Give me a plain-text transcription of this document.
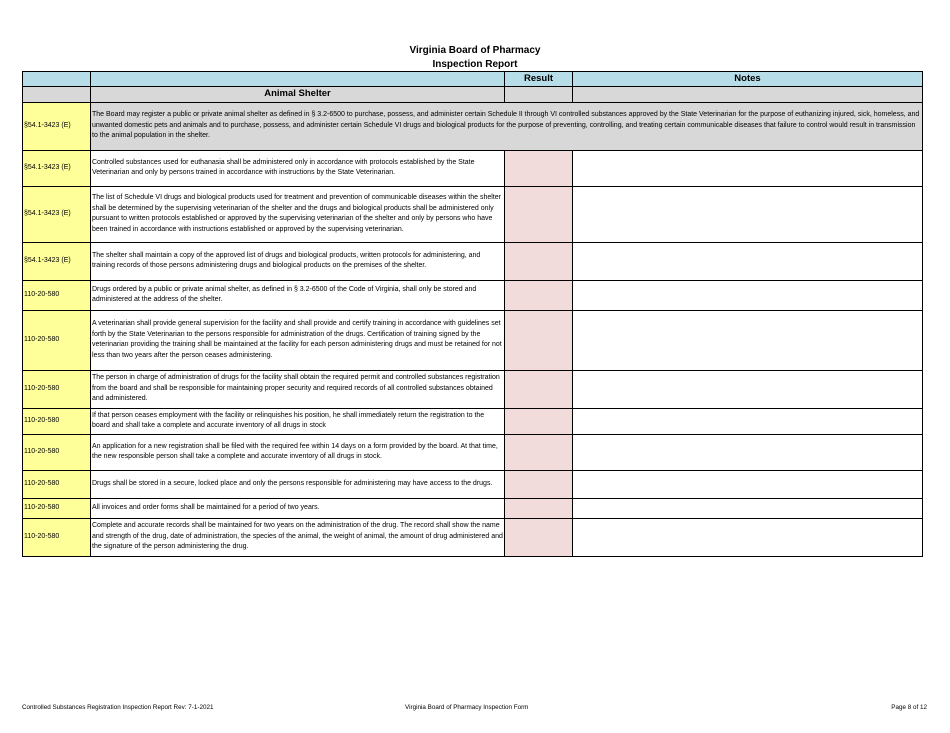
Virginia Board of Pharmacy
Inspection Report
		Result	Notes
	Animal Shelter		
§54.1-3423 (E)	The Board may register a public or private animal shelter as defined in § 3.2-6500 to purchase, possess, and administer certain Schedule II through VI controlled substances approved by the State Veterinarian for the purpose of euthanizing injured, sick, homeless, and unwanted domestic pets and animals and to purchase, possess, and administer certain Schedule VI drugs and biological products for the purpose of preventing, controlling, and treating certain communicable diseases that failure to control would result in transmission to the animal population in the shelter.		
§54.1-3423 (E)	Controlled substances used for euthanasia shall be administered only in accordance with protocols established by the State Veterinarian and only by persons trained in accordance with instructions by the State Veterinarian.		
§54.1-3423 (E)	The list of Schedule VI drugs and biological products used for treatment and prevention of communicable diseases within the shelter shall be determined by the supervising veterinarian of the shelter and the drugs and biological products shall be administered only pursuant to written protocols established or approved by the supervising veterinarian of the shelter and only by persons who have been trained in accordance with instructions established or approved by the supervising veterinarian.		
§54.1-3423 (E)	The shelter shall maintain a copy of the approved list of drugs and biological products, written protocols for administering, and training records of those persons administering drugs and biological products on the premises of the shelter.		
110-20-580	Drugs ordered by a public or private animal shelter, as defined in § 3.2-6500 of the Code of Virginia, shall only be stored and administered at the address of the shelter.		
110-20-580	A veterinarian shall provide general supervision for the facility and shall provide and certify training in accordance with guidelines set forth by the State Veterinarian to the persons responsible for administration of the drugs. Certification of training signed by the veterinarian providing the training shall be maintained at the facility for each person administering drugs and must be retained for not less than two years after the person ceases administering.		
110-20-580	The person in charge of administration of drugs for the facility shall obtain the required permit and controlled substances registration from the board and shall be responsible for maintaining proper security and required records of all controlled substances obtained and administered.		
110-20-580	If that person ceases employment with the facility or relinquishes his position, he shall immediately return the registration to the board and shall take a complete and accurate inventory of all drugs in stock		
110-20-580	An application for a new registration shall be filed with the required fee within 14 days on a form provided by the board. At that time, the new responsible person shall take a complete and accurate inventory of all drugs in stock.		
110-20-580	Drugs shall be stored in a secure, locked place and only the persons responsible for administering may have access to the drugs.		
110-20-580	All invoices and order forms shall be maintained for a period of two years.		
110-20-580	Complete and accurate records shall be maintained for two years on the administration of the drug. The record shall show the name and strength of the drug, date of administration, the species of the animal, the weight of animal, the amount of drug administered and the signature of the person administering the drug.		
Controlled Substances Registration Inspection Report Rev: 7-1-2021	Virginia Board of Pharmacy Inspection Form	Page 8 of 12
